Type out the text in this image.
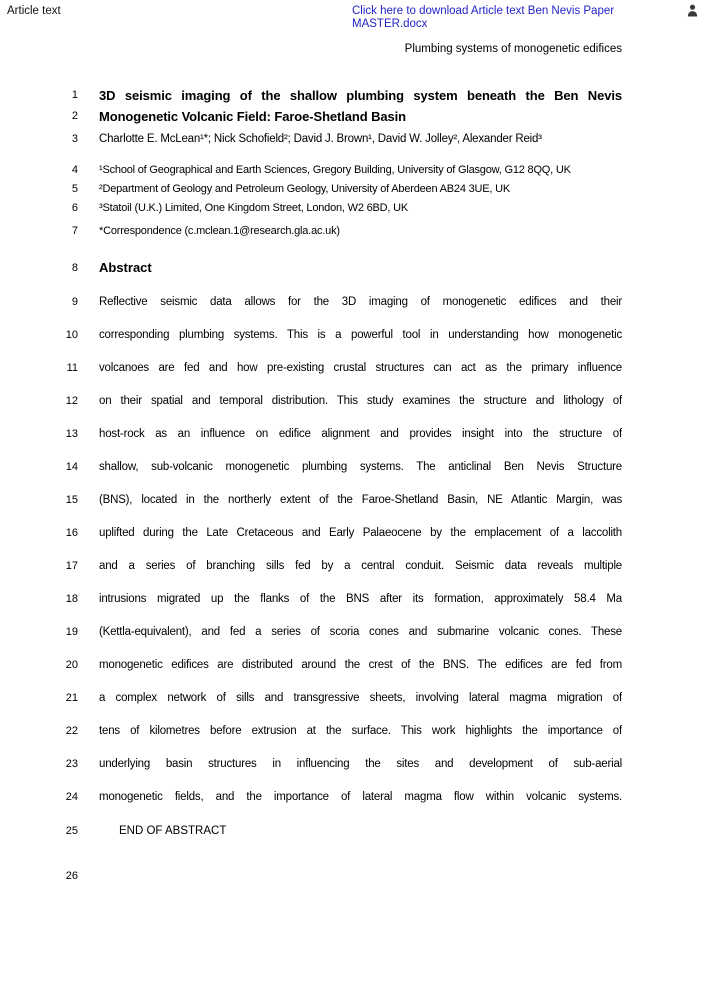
Article text	Click here to download Article text Ben Nevis Paper MASTER.docx
Plumbing systems of monogenetic edifices
1 3D seismic imaging of the shallow plumbing system beneath the Ben Nevis
2 Monogenetic Volcanic Field: Faroe-Shetland Basin
3 Charlotte E. McLean¹*; Nick Schofield²; David J. Brown¹, David W. Jolley², Alexander Reid³
4 ¹School of Geographical and Earth Sciences, Gregory Building, University of Glasgow, G12 8QQ, UK
5 ²Department of Geology and Petroleum Geology, University of Aberdeen AB24 3UE, UK
6 ³Statoil (U.K.) Limited, One Kingdom Street, London, W2 6BD, UK
7 *Correspondence (c.mclean.1@research.gla.ac.uk)
8 Abstract
9 Reflective seismic data allows for the 3D imaging of monogenetic edifices and their
10 corresponding plumbing systems. This is a powerful tool in understanding how monogenetic
11 volcanoes are fed and how pre-existing crustal structures can act as the primary influence
12 on their spatial and temporal distribution. This study examines the structure and lithology of
13 host-rock as an influence on edifice alignment and provides insight into the structure of
14 shallow, sub-volcanic monogenetic plumbing systems. The anticlinal Ben Nevis Structure
15 (BNS), located in the northerly extent of the Faroe-Shetland Basin, NE Atlantic Margin, was
16 uplifted during the Late Cretaceous and Early Palaeocene by the emplacement of a laccolith
17 and a series of branching sills fed by a central conduit. Seismic data reveals multiple
18 intrusions migrated up the flanks of the BNS after its formation, approximately 58.4 Ma
19 (Kettla-equivalent), and fed a series of scoria cones and submarine volcanic cones. These
20 monogenetic edifices are distributed around the crest of the BNS. The edifices are fed from
21 a complex network of sills and transgressive sheets, involving lateral magma migration of
22 tens of kilometres before extrusion at the surface. This work highlights the importance of
23 underlying basin structures in influencing the sites and development of sub-aerial
24 monogenetic fields, and the importance of lateral magma flow within volcanic systems.
25	END OF ABSTRACT
26
